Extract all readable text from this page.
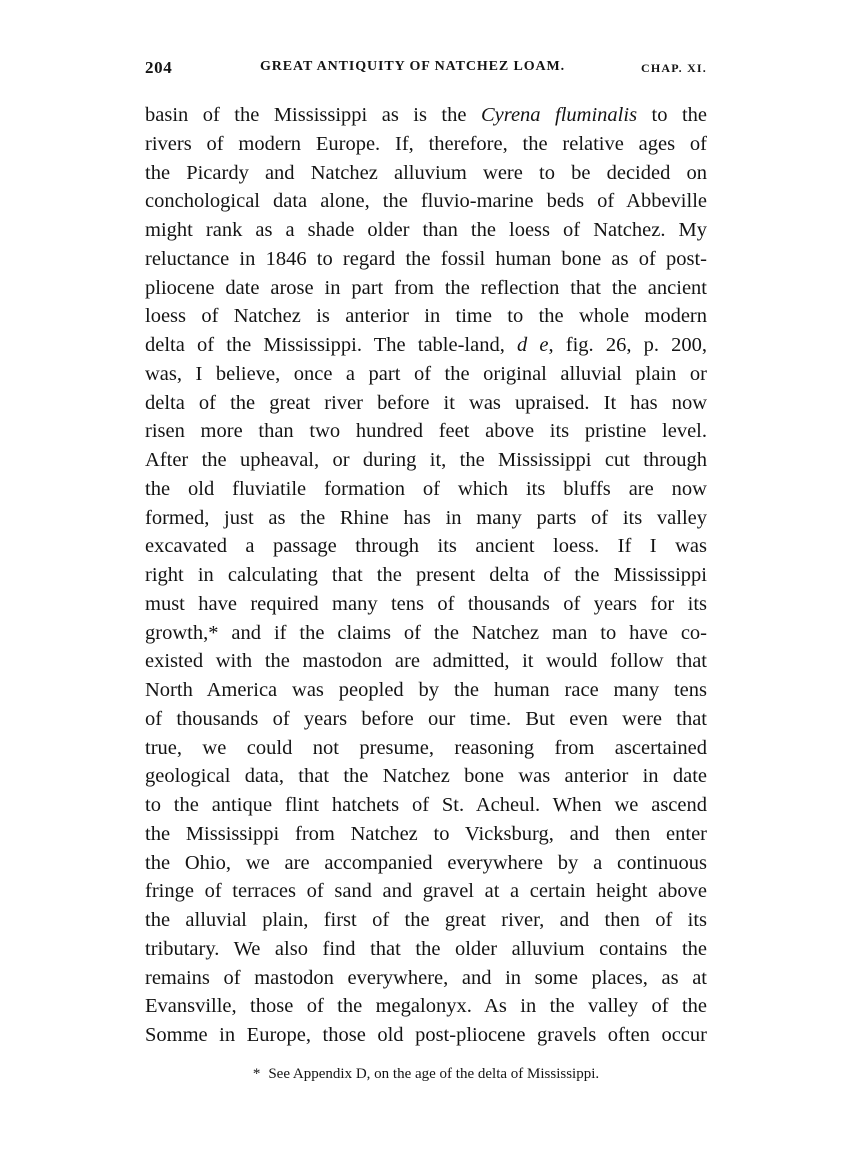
204	GREAT ANTIQUITY OF NATCHEZ LOAM.	CHAP. XI.
basin of the Mississippi as is the Cyrena fluminalis to the
rivers of modern Europe. If, therefore, the relative ages of
the Picardy and Natchez alluvium were to be decided on
conchological data alone, the fluvio-marine beds of Abbeville
might rank as a shade older than the loess of Natchez. My
reluctance in 1846 to regard the fossil human bone as of post-
pliocene date arose in part from the reflection that the ancient
loess of Natchez is anterior in time to the whole modern
delta of the Mississippi. The table-land, d e, fig. 26, p. 200,
was, I believe, once a part of the original alluvial plain or
delta of the great river before it was upraised. It has now
risen more than two hundred feet above its pristine level.
After the upheaval, or during it, the Mississippi cut through
the old fluviatile formation of which its bluffs are now
formed, just as the Rhine has in many parts of its valley
excavated a passage through its ancient loess. If I was
right in calculating that the present delta of the Mississippi
must have required many tens of thousands of years for its
growth,* and if the claims of the Natchez man to have co-
existed with the mastodon are admitted, it would follow that
North America was peopled by the human race many tens
of thousands of years before our time. But even were that
true, we could not presume, reasoning from ascertained
geological data, that the Natchez bone was anterior in date
to the antique flint hatchets of St. Acheul. When we ascend
the Mississippi from Natchez to Vicksburg, and then enter
the Ohio, we are accompanied everywhere by a continuous
fringe of terraces of sand and gravel at a certain height above
the alluvial plain, first of the great river, and then of its
tributary. We also find that the older alluvium contains the
remains of mastodon everywhere, and in some places, as at
Evansville, those of the megalonyx. As in the valley of the
Somme in Europe, those old post-pliocene gravels often occur
* See Appendix D, on the age of the delta of Mississippi.
